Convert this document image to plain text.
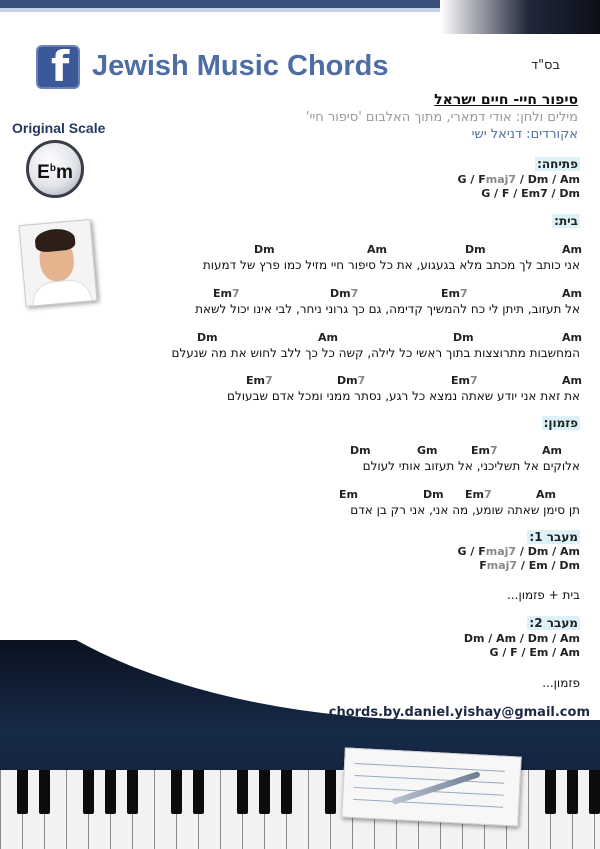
f Jewish Music Chords	בס"ד
Original Scale
$E^bm$
סיפור חיי- חיים ישראל
מילים ולחן: אודי דמארי, מתוך האלבום 'סיפור חיי'
אקורדים: דניאל ישי
פתיחה:
G / Fmaj7 / Dm / Am
G / F / Em7 / Dm
בית:
Dm	Am	Dm	Am
אני כותב לך מכתב מלא בגעגוע, את כל סיפור חיי מזיל כמו פרץ של דמעות
Em7	Dm7	Em7	Am
אל תעזוב, תיתן לי כח להמשיך קדימה, גם כך גרוני ניחר, לבי אינו יכול לשאת
Dm	Am	Dm	Am
המחשבות מתרוצצות בתוך ראשי כל לילה, קשה כל כך ללב לחוש את מה שנעלם
Em7	Dm7	Em7	Am
את זאת אני יודע שאתה נמצא כל רגע, נסתר ממני ומכל אדם שבעולם
פזמון:
Dm	Gm	Em7	Am
אלוקים אל תשליכני, אל תעזוב אותי לעולם
Em	Dm Em7	Am
תן סימן שאתה שומע, מה אני, אני רק בן אדם
מעבר 1:
G / Fmaj7 / Dm / Am
Fmaj7 / Em / Dm
בית + פזמון...
מעבר 2:
Dm / Am / Dm / Am
G / F / Em / Am
פזמון...
chords.by.daniel.yishay@gmail.com
